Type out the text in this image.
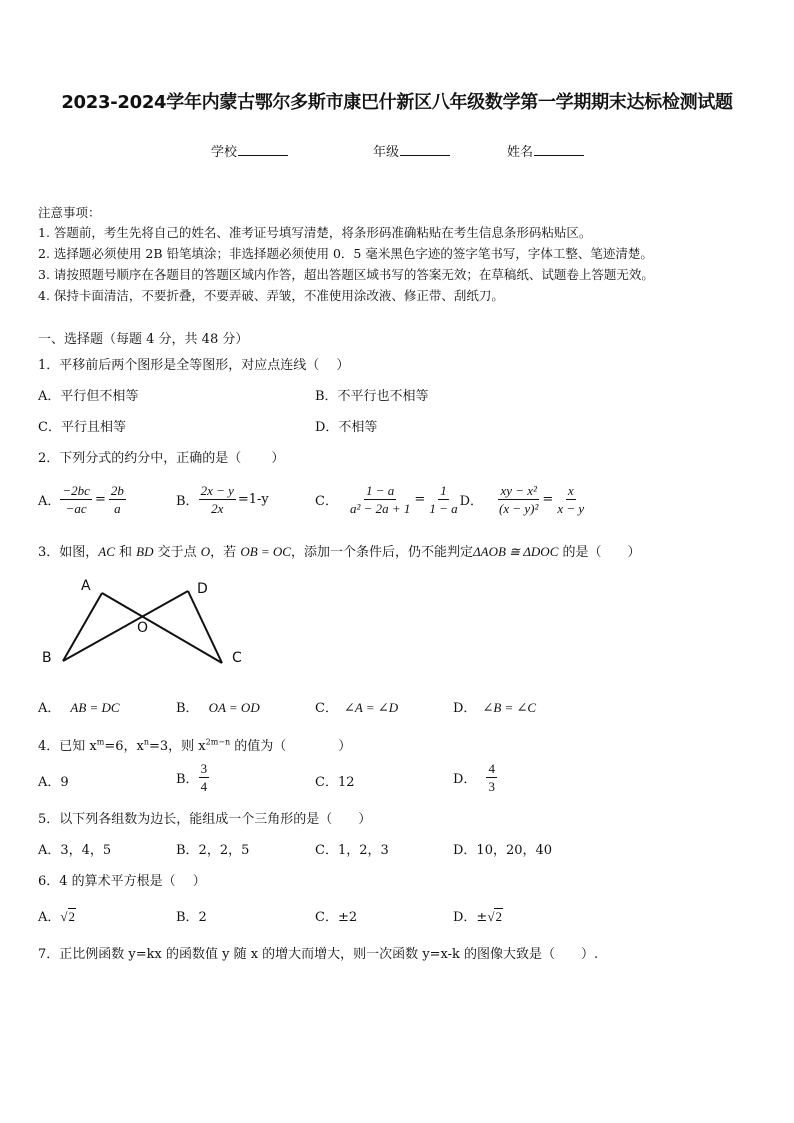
2023-2024学年内蒙古鄂尔多斯市康巴什新区八年级数学第一学期期末达标检测试题
学校	年级	姓名
注意事项：
1. 答题前，考生先将自己的姓名、准考证号填写清楚，将条形码准确粘贴在考生信息条形码粘贴区。
2. 选择题必须使用 2B 铅笔填涂；非选择题必须使用 0．5 毫米黑色字迹的签字笔书写，字体工整、笔迹清楚。
3. 请按照题号顺序在各题目的答题区域内作答，超出答题区域书写的答案无效；在草稿纸、试题卷上答题无效。
4. 保持卡面清洁，不要折叠，不要弄破、弄皱，不准使用涂改液、修正带、刮纸刀。
一、选择题（每题 4 分，共 48 分）
1．平移前后两个图形是全等图形，对应点连线（　 ）
A．平行但不相等	B．不平行也不相等
C．平行且相等	D．不相等
2．下列分式的约分中，正确的是（　 　）
A． $\frac{-2bc}{-ac} = \frac{2b}{a}$	B． $\frac{2x - y}{2x} =1-y$	C． $\frac{1 - a}{\text{a² − 2a + 1}} = \frac{1}{1 - a}$ D． $\frac{\text{xy − x²}}{\text{(x − y)²}} = \frac{x}{x - y}$
3．如图，AC 和 BD 交于点 O，若 OB = OC，添加一个条件后，仍不能判定ΔAOB ≅ ΔDOC 的是（　　）
A	D
O
B	C
A． AB = DC	B． OA = OD	C． ∠A = ∠D	D． ∠B = ∠C
4．已知 $x^m=6$，$x^n=3$，则 $x^{2m-n}$ 的值为（　　　　）
A．9	B． $\frac{3}{4}$	C．12	D． $\frac{4}{3}$
5．以下列各组数为边长，能组成一个三角形的是（　　）
A．3，4，5	B．2，2，5	C．1，2，3	D．10，20，40
6．4 的算术平方根是（　 ）
A．√2	B．2	C．±2	D．±√2
7．正比例函数 y=kx 的函数值 y 随 x 的增大而增大，则一次函数 y=x-k 的图像大致是（　　）.
